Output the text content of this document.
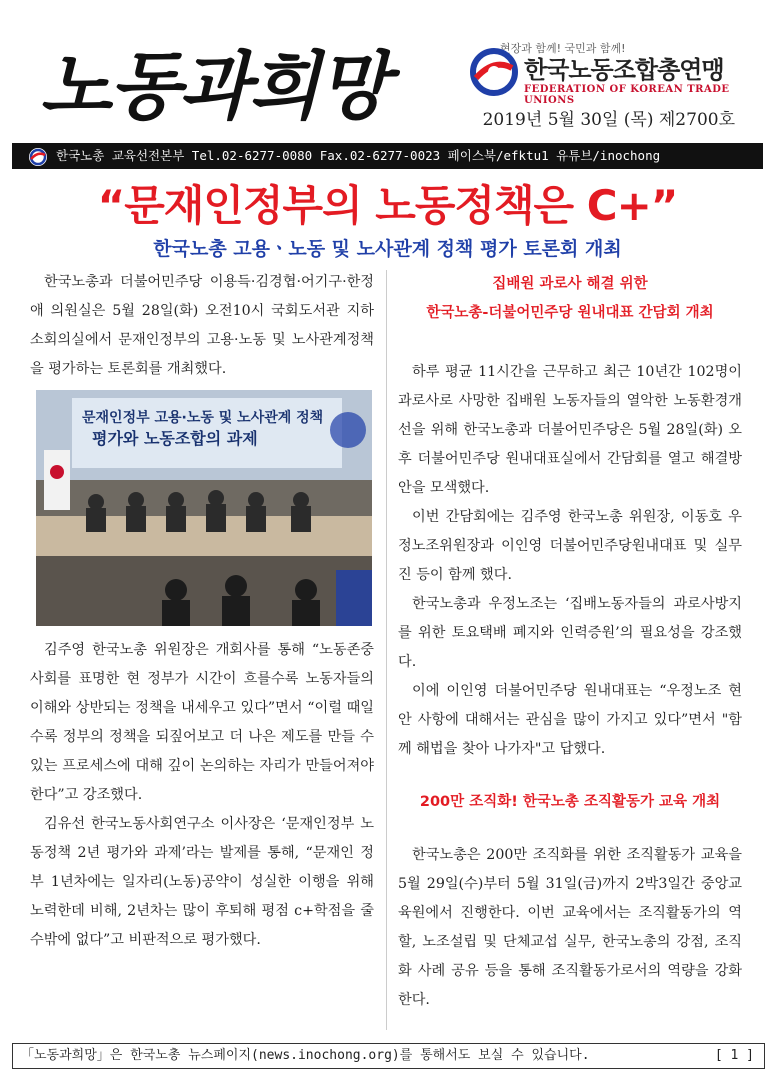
노동과희망	현장과 함께! 국민과 함께!
한국노동조합총연맹
FEDERATION OF KOREAN TRADE UNIONS
2019년 5월 30일 (목) 제2700호
한국노총 교육선전본부 Tel.02-6277-0080 Fax.02-6277-0023 페이스북/efktu1 유튜브/inochong
“문재인정부의 노동정책은 C+”
한국노총 고용ㆍ노동 및 노사관계 정책 평가 토론회 개최

한국노총과 더불어민주당 이용득·김경협·어기구·한정애 의원실은 5월 28일(화) 오전10시 국회도서관 지하 소회의실에서 문재인정부의 고용·노동 및 노사관계정책을 평가하는 토론회를 개최했다.

문재인정부 고용·노동 및 노사관계 정책
평가와 노동조합의 과제

김주영 한국노총 위원장은 개회사를 통해 “노동존중사회를 표명한 현 정부가 시간이 흐를수록 노동자들의 이해와 상반되는 정책을 내세우고 있다”면서 “이럴 때일수록 정부의 정책을 되짚어보고 더 나은 제도를 만들 수 있는 프로세스에 대해 깊이 논의하는 자리가 만들어져야 한다”고 강조했다.

김유선 한국노동사회연구소 이사장은 ‘문재인정부 노동정책 2년 평가와 과제’라는 발제를 통해, “문재인 정부 1년차에는 일자리(노동)공약이 성실한 이행을 위해 노력한데 비해, 2년차는 많이 후퇴해 평점 c+학점을 줄 수밖에 없다”고 비판적으로 평가했다.

집배원 과로사 해결 위한
한국노총-더불어민주당 원내대표 간담회 개최

하루 평균 11시간을 근무하고 최근 10년간 102명이 과로사로 사망한 집배원 노동자들의 열악한 노동환경개선을 위해 한국노총과 더불어민주당은 5월 28일(화) 오후 더불어민주당 원내대표실에서 간담회를 열고 해결방안을 모색했다.

이번 간담회에는 김주영 한국노총 위원장, 이동호 우정노조위원장과 이인영 더불어민주당원내대표 및 실무진 등이 함께 했다.

한국노총과 우정노조는 ‘집배노동자들의 과로사방지를 위한 토요택배 폐지와 인력증원’의 필요성을 강조했다.

이에 이인영 더불어민주당 원내대표는 “우정노조 현안 사항에 대해서는 관심을 많이 가지고 있다”면서 "함께 해법을 찾아 나가자"고 답했다.

200만 조직화! 한국노총 조직활동가 교육 개최

한국노총은 200만 조직화를 위한 조직활동가 교육을 5월 29일(수)부터 5월 31일(금)까지 2박3일간 중앙교육원에서 진행한다. 이번 교육에서는 조직활동가의 역할, 노조설립 및 단체교섭 실무, 한국노총의 강점, 조직화 사례 공유 등을 통해 조직활동가로서의 역량을 강화한다.

「노동과희망」은 한국노총 뉴스페이지(news.inochong.org)를 통해서도 보실 수 있습니다.	[ 1 ]
